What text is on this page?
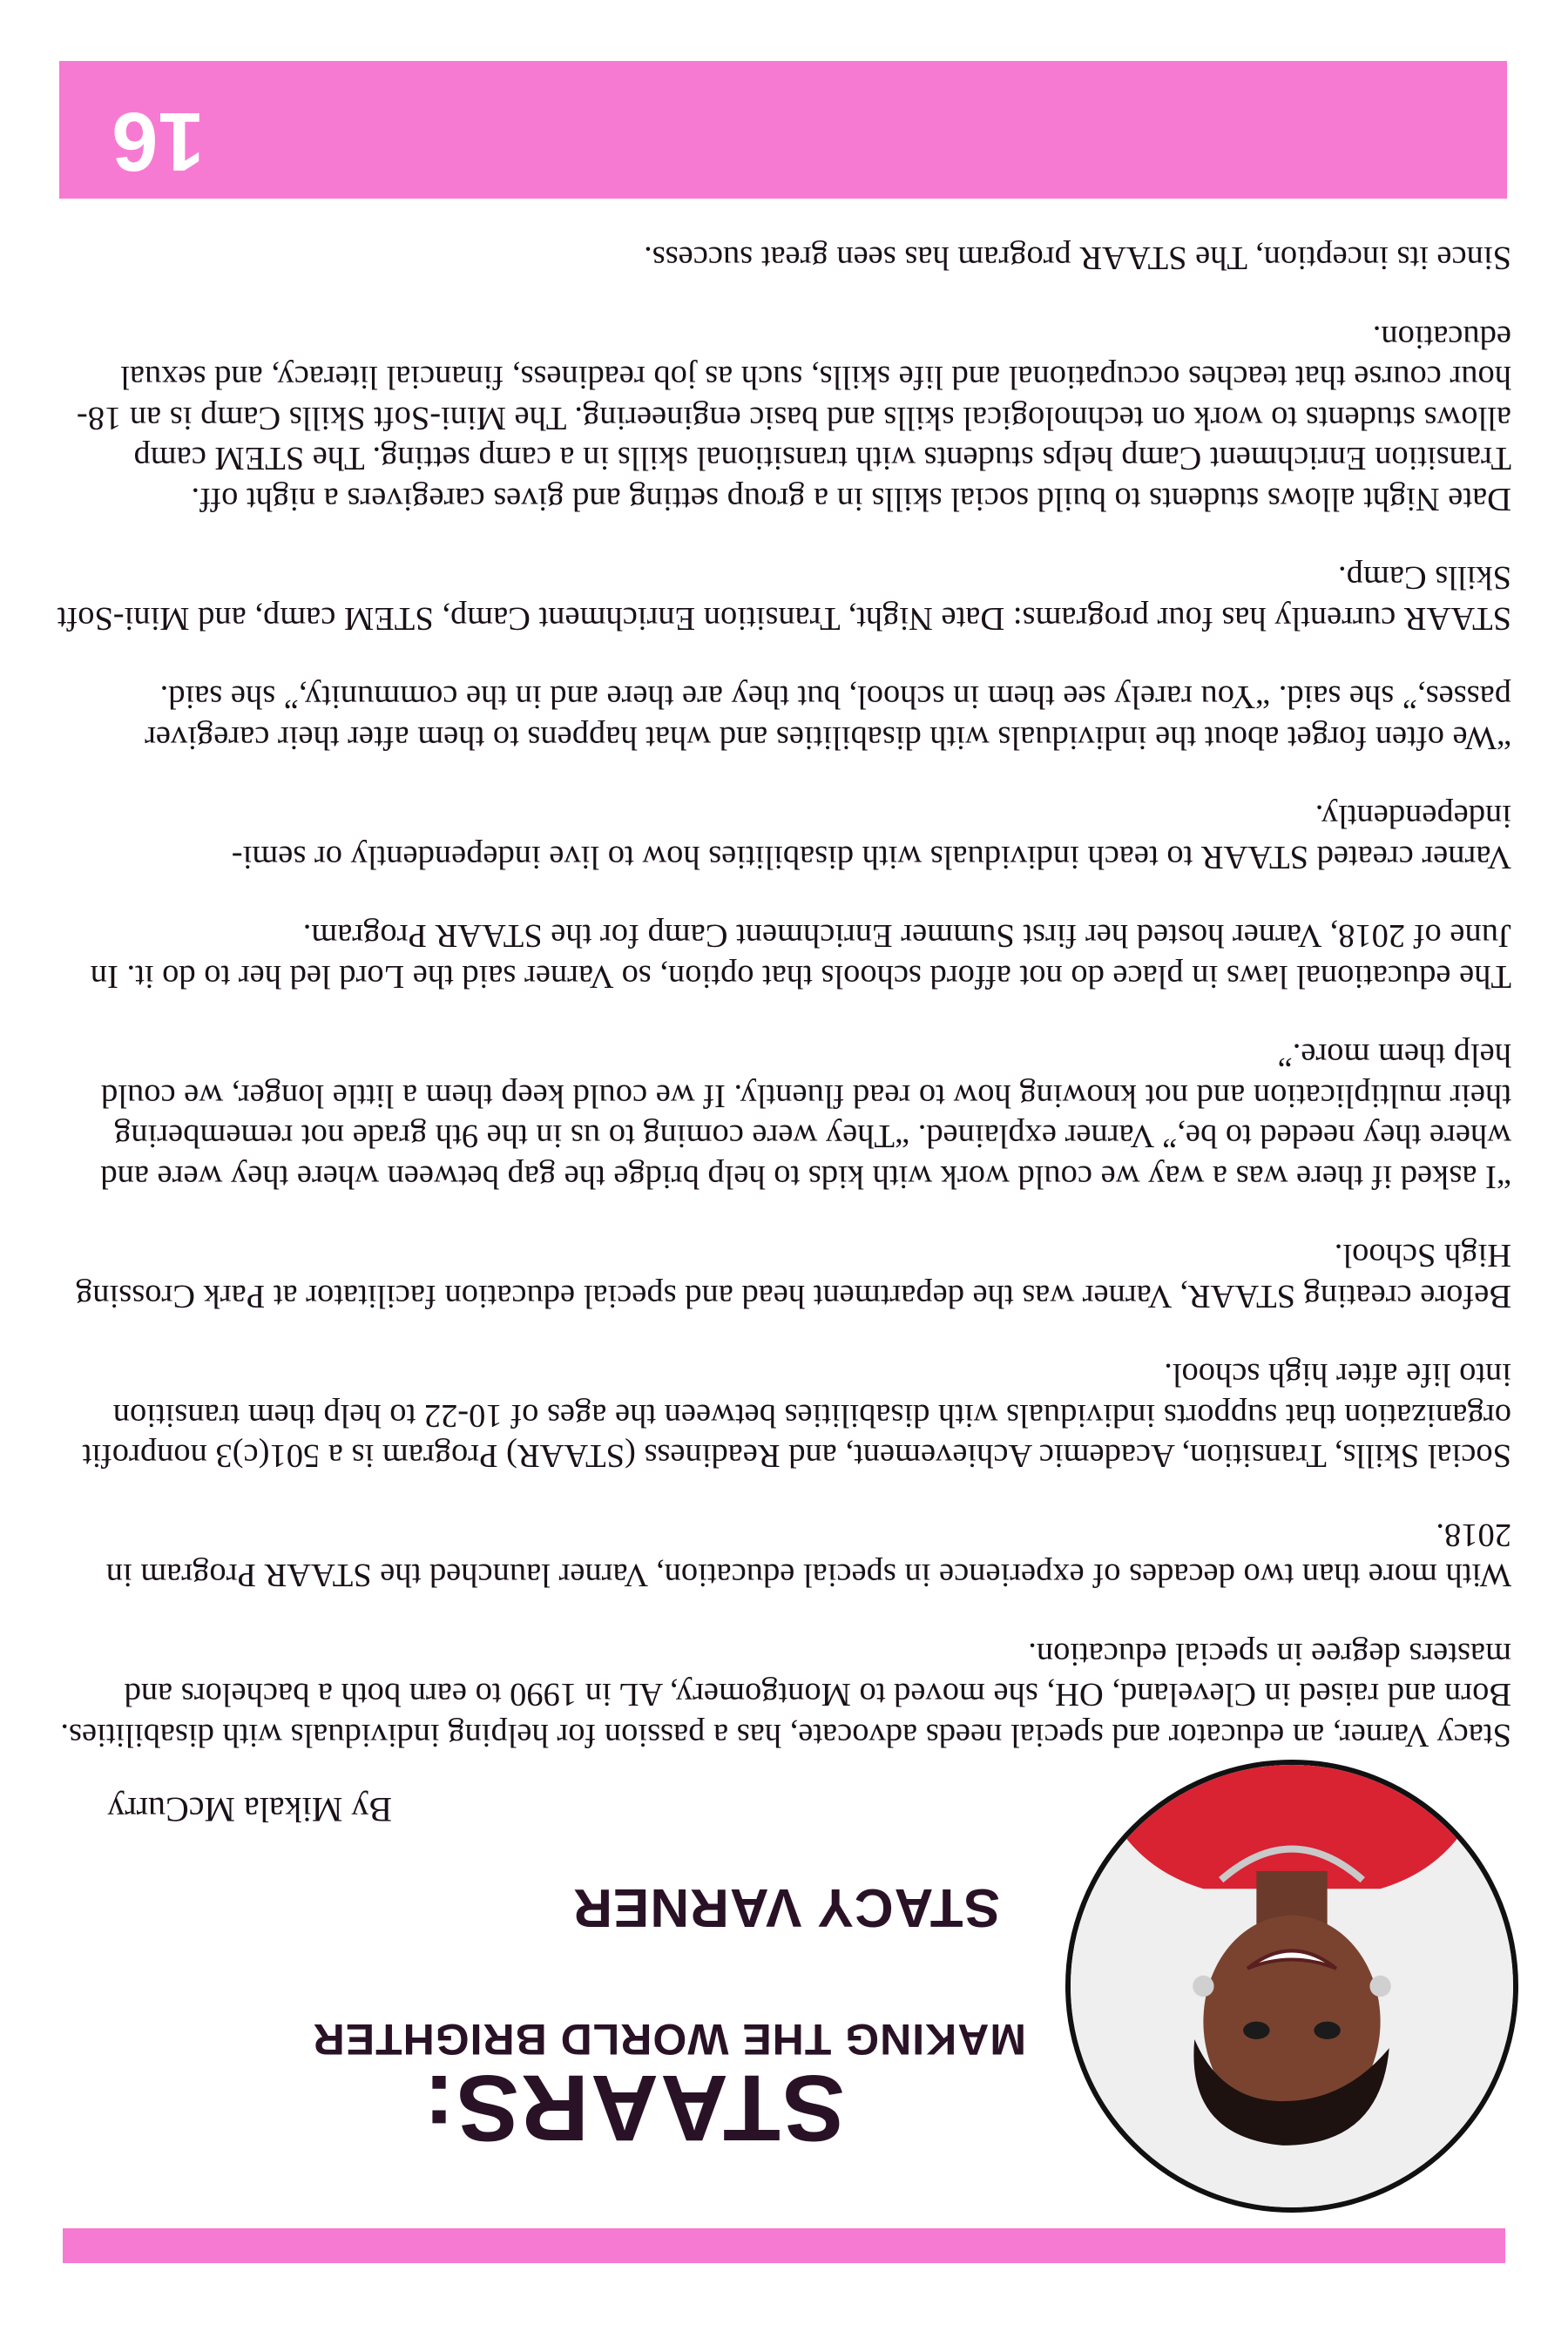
STAARS:
MAKING THE WORLD BRIGHTER
STACY VARNER
By Mikala McCurry

Stacy Varner, an educator and special needs advocate, has a passion for helping individuals with disabilities. Born and raised in Cleveland, OH, she moved to Montgomery, AL in 1990 to earn both a bachelors and masters degree in special education.

With more than two decades of experience in special education, Varner launched the STAAR Program in 2018.

Social Skills, Transition, Academic Achievement, and Readiness (STAAR) Program is a 501(c)3 nonprofit organization that supports individuals with disabilities between the ages of 10-22 to help them transition into life after high school.

Before creating STAAR, Varner was the department head and special education facilitator at Park Crossing High School.

“I asked if there was a way we could work with kids to help bridge the gap between where they were and where they needed to be,” Varner explained. “They were coming to us in the 9th grade not remembering their multiplication and not knowing how to read fluently. If we could keep them a little longer, we could help them more.”

The educational laws in place do not afford schools that option, so Varner said the Lord led her to do it. In June of 2018, Varner hosted her first Summer Enrichment Camp for the STAAR Program.

Varner created STAAR to teach individuals with disabilities how to live independently or semi-independently.

“We often forget about the individuals with disabilities and what happens to them after their caregiver passes,” she said. “You rarely see them in school, but they are there and in the community,” she said.

STAAR currently has four programs: Date Night, Transition Enrichment Camp, STEM camp, and Mini-Soft Skills Camp.

Date Night allows students to build social skills in a group setting and gives caregivers a night off. Transition Enrichment Camp helps students with transitional skills in a camp setting. The STEM camp allows students to work on technological skills and basic engineering. The Mini-Soft Skills Camp is an 18-hour course that teaches occupational and life skills, such as job readiness, financial literacy, and sexual education.

Since its inception, The STAAR program has seen great success.

16
